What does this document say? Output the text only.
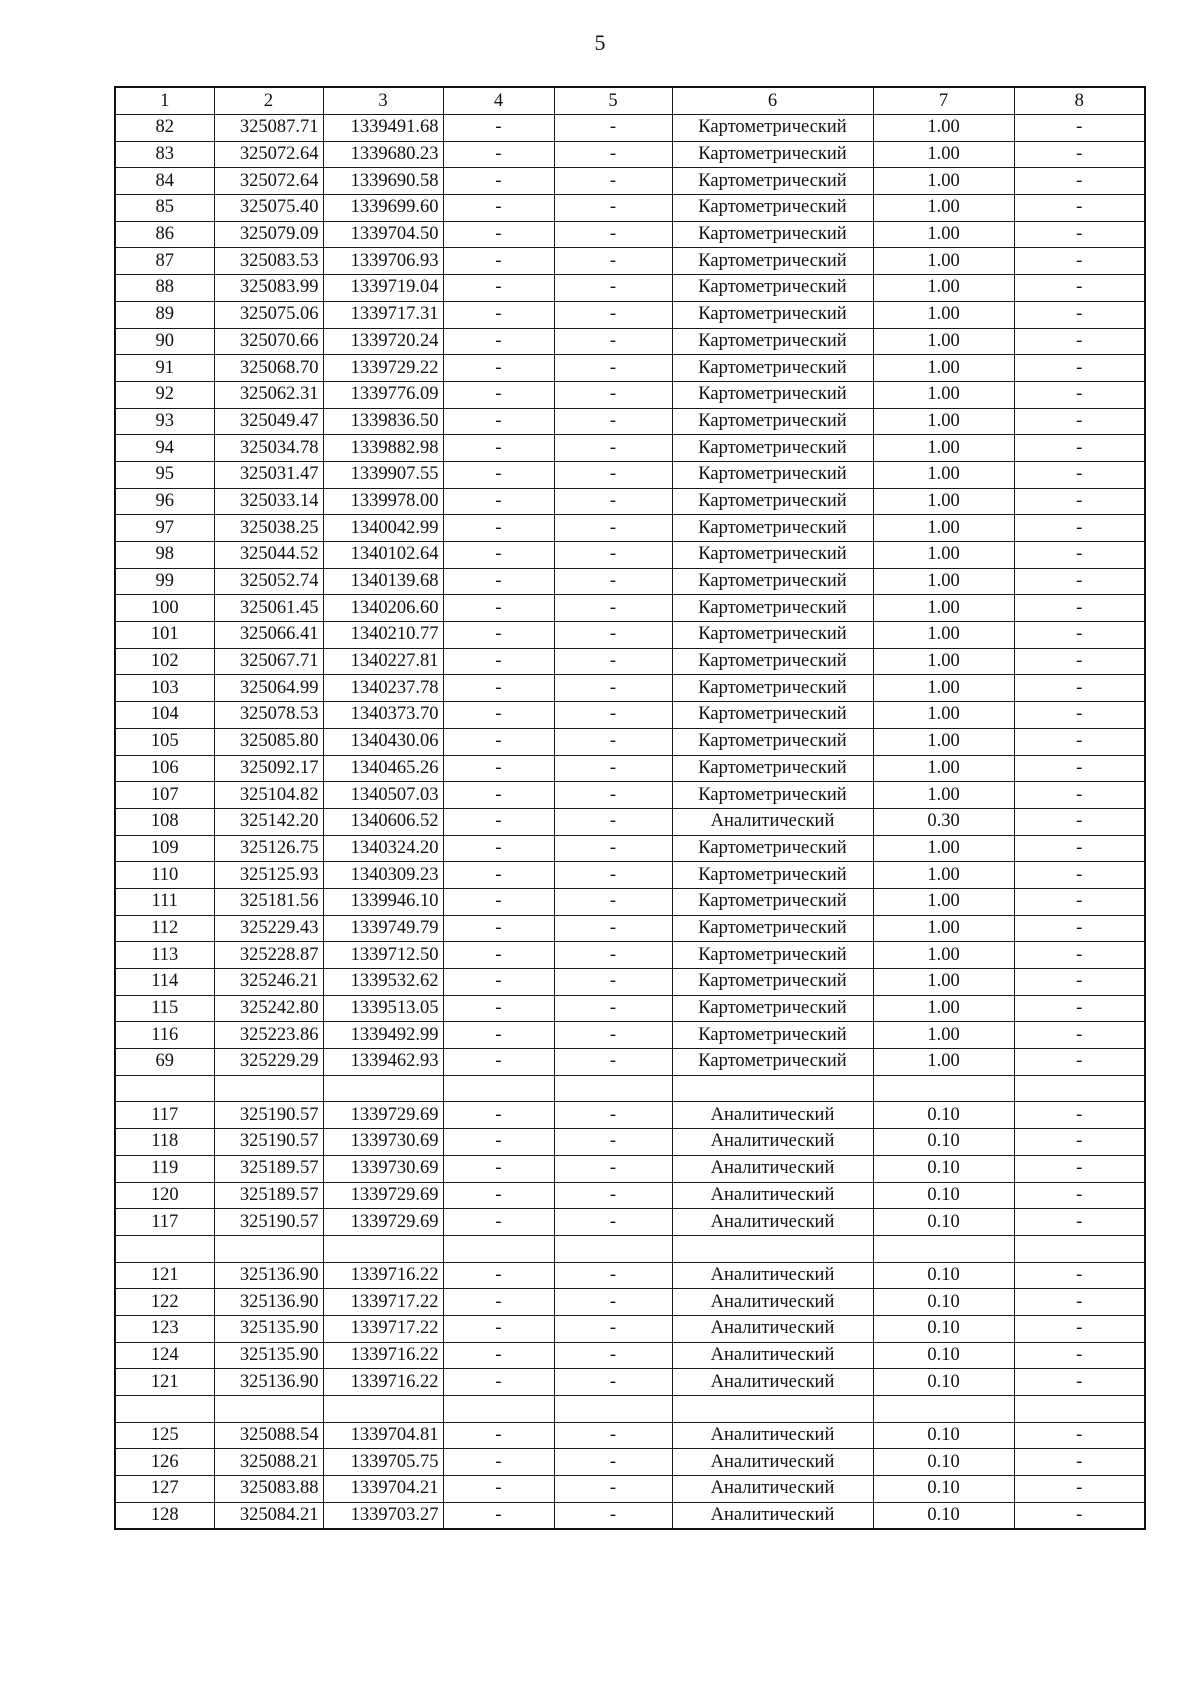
5
1	2	3	4	5	6	7	8
82	325087.71	1339491.68	-	-	Картометрический	1.00	-
83	325072.64	1339680.23	-	-	Картометрический	1.00	-
84	325072.64	1339690.58	-	-	Картометрический	1.00	-
85	325075.40	1339699.60	-	-	Картометрический	1.00	-
86	325079.09	1339704.50	-	-	Картометрический	1.00	-
87	325083.53	1339706.93	-	-	Картометрический	1.00	-
88	325083.99	1339719.04	-	-	Картометрический	1.00	-
89	325075.06	1339717.31	-	-	Картометрический	1.00	-
90	325070.66	1339720.24	-	-	Картометрический	1.00	-
91	325068.70	1339729.22	-	-	Картометрический	1.00	-
92	325062.31	1339776.09	-	-	Картометрический	1.00	-
93	325049.47	1339836.50	-	-	Картометрический	1.00	-
94	325034.78	1339882.98	-	-	Картометрический	1.00	-
95	325031.47	1339907.55	-	-	Картометрический	1.00	-
96	325033.14	1339978.00	-	-	Картометрический	1.00	-
97	325038.25	1340042.99	-	-	Картометрический	1.00	-
98	325044.52	1340102.64	-	-	Картометрический	1.00	-
99	325052.74	1340139.68	-	-	Картометрический	1.00	-
100	325061.45	1340206.60	-	-	Картометрический	1.00	-
101	325066.41	1340210.77	-	-	Картометрический	1.00	-
102	325067.71	1340227.81	-	-	Картометрический	1.00	-
103	325064.99	1340237.78	-	-	Картометрический	1.00	-
104	325078.53	1340373.70	-	-	Картометрический	1.00	-
105	325085.80	1340430.06	-	-	Картометрический	1.00	-
106	325092.17	1340465.26	-	-	Картометрический	1.00	-
107	325104.82	1340507.03	-	-	Картометрический	1.00	-
108	325142.20	1340606.52	-	-	Аналитический	0.30	-
109	325126.75	1340324.20	-	-	Картометрический	1.00	-
110	325125.93	1340309.23	-	-	Картометрический	1.00	-
111	325181.56	1339946.10	-	-	Картометрический	1.00	-
112	325229.43	1339749.79	-	-	Картометрический	1.00	-
113	325228.87	1339712.50	-	-	Картометрический	1.00	-
114	325246.21	1339532.62	-	-	Картометрический	1.00	-
115	325242.80	1339513.05	-	-	Картометрический	1.00	-
116	325223.86	1339492.99	-	-	Картометрический	1.00	-
69	325229.29	1339462.93	-	-	Картометрический	1.00	-

117	325190.57	1339729.69	-	-	Аналитический	0.10	-
118	325190.57	1339730.69	-	-	Аналитический	0.10	-
119	325189.57	1339730.69	-	-	Аналитический	0.10	-
120	325189.57	1339729.69	-	-	Аналитический	0.10	-
117	325190.57	1339729.69	-	-	Аналитический	0.10	-

121	325136.90	1339716.22	-	-	Аналитический	0.10	-
122	325136.90	1339717.22	-	-	Аналитический	0.10	-
123	325135.90	1339717.22	-	-	Аналитический	0.10	-
124	325135.90	1339716.22	-	-	Аналитический	0.10	-
121	325136.90	1339716.22	-	-	Аналитический	0.10	-

125	325088.54	1339704.81	-	-	Аналитический	0.10	-
126	325088.21	1339705.75	-	-	Аналитический	0.10	-
127	325083.88	1339704.21	-	-	Аналитический	0.10	-
128	325084.21	1339703.27	-	-	Аналитический	0.10	-
